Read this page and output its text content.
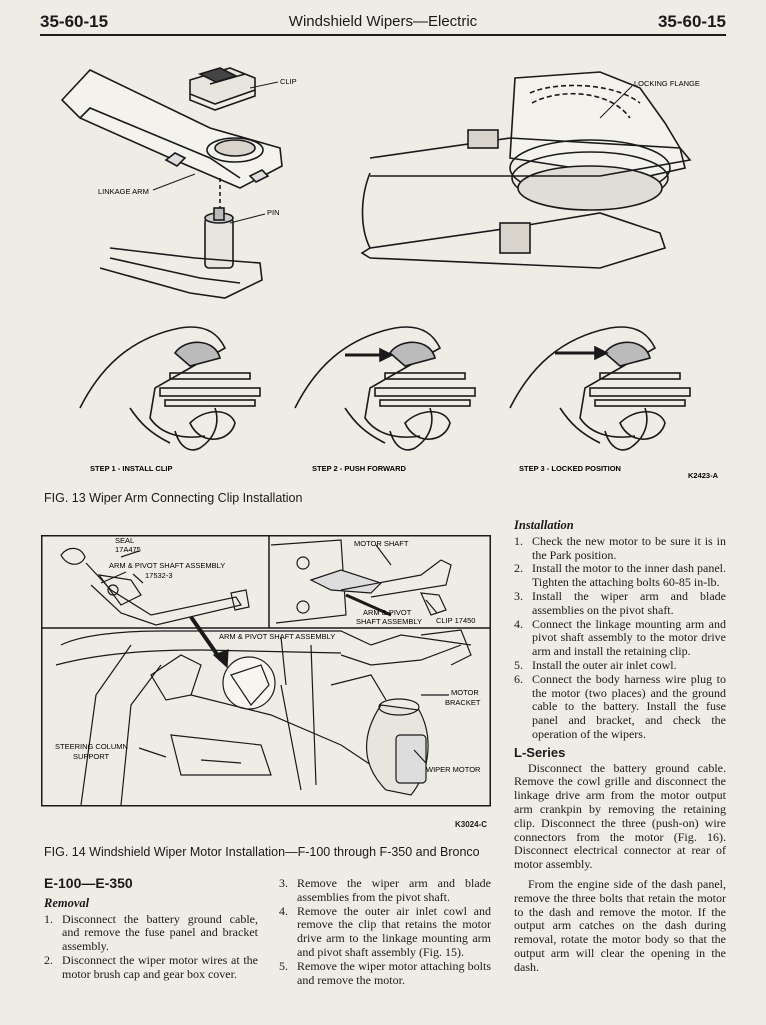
35-60-15	Windshield Wipers—Electric	35-60-15
CLIP
LINKAGE ARM
PIN
LOCKING FLANGE
STEP 1 - INSTALL CLIP	STEP 2 - PUSH FORWARD	STEP 3 - LOCKED POSITION
K2423-A
FIG. 13 Wiper Arm Connecting Clip Installation
SEAL
17A475
ARM & PIVOT SHAFT ASSEMBLY
17532-3
MOTOR SHAFT
ARM & PIVOT
SHAFT ASSEMBLY CLIP 17450
ARM & PIVOT SHAFT ASSEMBLY
MOTOR
BRACKET
STEERING COLUMN
SUPPORT
WIPER MOTOR
K3024-C
FIG. 14 Windshield Wiper Motor Installation—F-100 through F-350 and Bronco
E-100—E-350
Removal
1. Disconnect the battery ground cable, and remove the fuse panel and bracket assembly.
2. Disconnect the wiper motor wires at the motor brush cap and gear box cover.
3. Remove the wiper arm and blade assemblies from the pivot shaft.
4. Remove the outer air inlet cowl and remove the clip that retains the motor drive arm to the linkage mounting arm and pivot shaft assembly (Fig. 15).
5. Remove the wiper motor attaching bolts and remove the motor.
Installation
1. Check the new motor to be sure it is in the Park position.
2. Install the motor to the inner dash panel. Tighten the attaching bolts 60-85 in-lb.
3. Install the wiper arm and blade assemblies on the pivot shaft.
4. Connect the linkage mounting arm and pivot shaft assembly to the motor drive arm and install the retaining clip.
5. Install the outer air inlet cowl.
6. Connect the body harness wire plug to the motor (two places) and the ground cable to the battery. Install the fuse panel and bracket, and check the operation of the wipers.
L-Series
Disconnect the battery ground cable. Remove the cowl grille and disconnect the linkage drive arm from the motor output arm crankpin by removing the retaining clip. Disconnect the three (push-on) wire connectors from the motor (Fig. 16). Disconnect electrical connector at rear of motor assembly.
From the engine side of the dash panel, remove the three bolts that retain the motor to the dash and remove the motor. If the output arm catches on the dash during removal, rotate the motor body so that the output arm will clear the opening in the dash.
